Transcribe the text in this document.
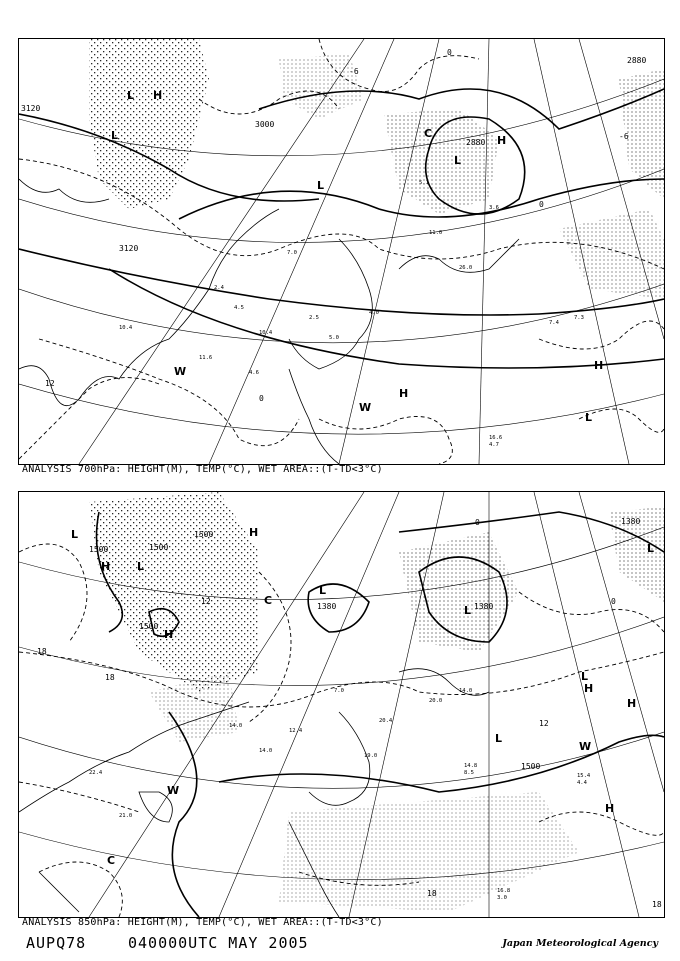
2.4
4.5
10.4
7.0
2.5
5.0
4.0
11.0
26.0
3.6
7.4
7.3
10.4
11.6
4.6
5.1
16.6
4.7
3120
3000
3120
2880
2880
0
-6
0
12
0
-6
L H
L
L
H
W
C
H
W
H
L
L
ANALYSIS 700hPa: HEIGHT(M), TEMP(°C), WET AREA::(T-TD<3°C)
14.0
14.0
12.4
7.0
19.0
20.4
20.0
14.0
14.8
8.5	15.4
4.4
16.8
3.0
21.0
22.4
1500	1500
1500
1500
1380	1380
1500
1380
18
18
12	0
12
18
0
18
L
H L
H
L
C
H
H
L
H
L
L
L
C
W
W
H
ANALYSIS 850hPa: HEIGHT(M), TEMP(°C), WET AREA::(T-TD<3°C)
AUPQ78	040000UTC MAY 2005	Japan Meteorological Agency
